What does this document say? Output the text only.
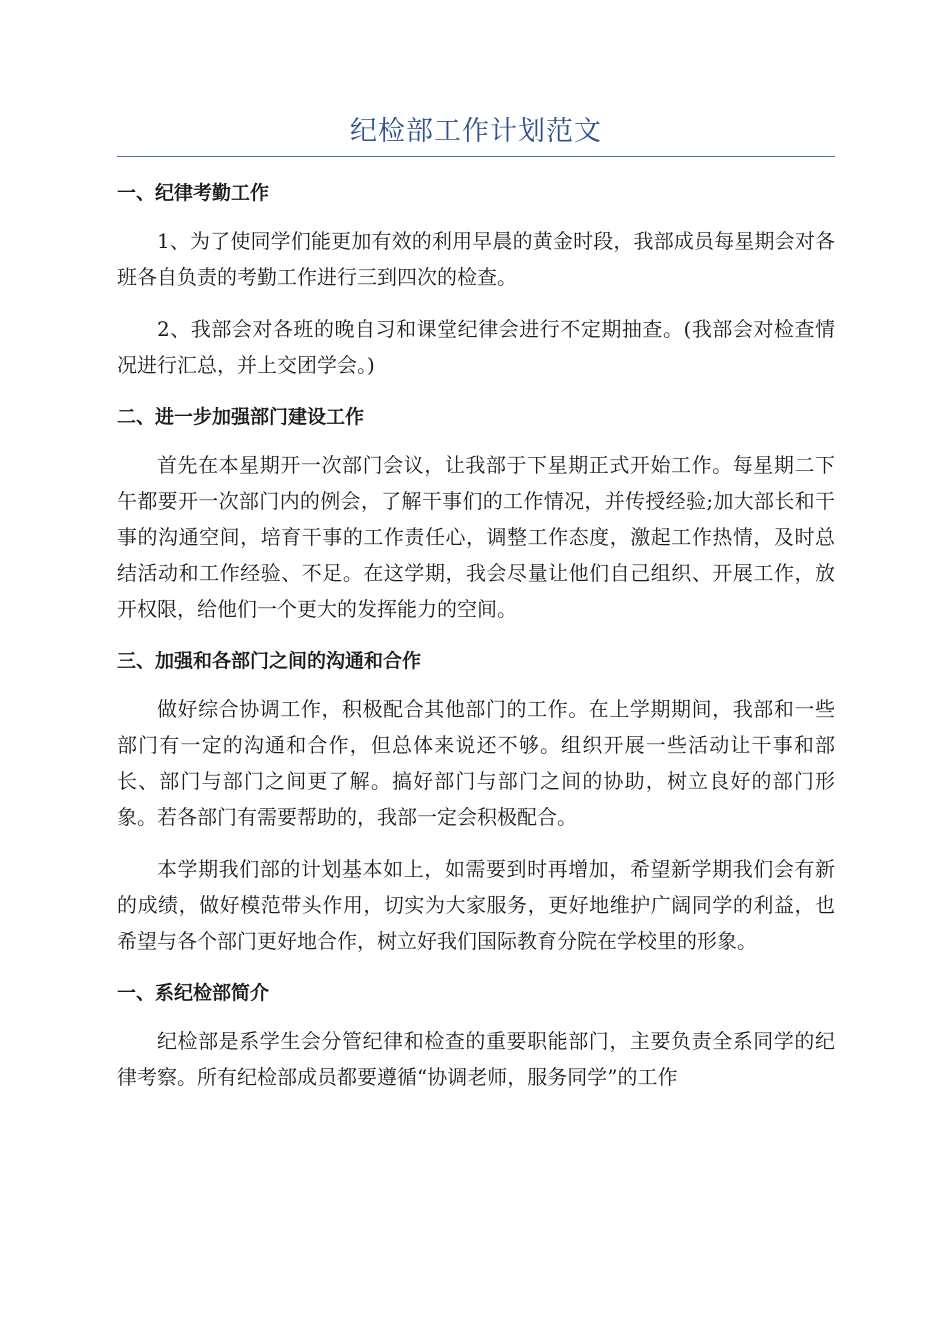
纪检部工作计划范文

一、纪律考勤工作

1、为了使同学们能更加有效的利用早晨的黄金时段，我部成员每星期会对各班各自负责的考勤工作进行三到四次的检查。

2、我部会对各班的晚自习和课堂纪律会进行不定期抽查。(我部会对检查情况进行汇总，并上交团学会。)

二、进一步加强部门建设工作

首先在本星期开一次部门会议，让我部于下星期正式开始工作。每星期二下午都要开一次部门内的例会，了解干事们的工作情况，并传授经验;加大部长和干事的沟通空间，培育干事的工作责任心，调整工作态度，激起工作热情，及时总结活动和工作经验、不足。在这学期，我会尽量让他们自己组织、开展工作，放开权限，给他们一个更大的发挥能力的空间。

三、加强和各部门之间的沟通和合作

做好综合协调工作，积极配合其他部门的工作。在上学期期间，我部和一些部门有一定的沟通和合作，但总体来说还不够。组织开展一些活动让干事和部长、部门与部门之间更了解。搞好部门与部门之间的协助，树立良好的部门形象。若各部门有需要帮助的，我部一定会积极配合。

本学期我们部的计划基本如上，如需要到时再增加，希望新学期我们会有新的成绩，做好模范带头作用，切实为大家服务，更好地维护广阔同学的利益，也希望与各个部门更好地合作，树立好我们国际教育分院在学校里的形象。

一、系纪检部简介

纪检部是系学生会分管纪律和检查的重要职能部门，主要负责全系同学的纪律考察。所有纪检部成员都要遵循“协调老师，服务同学”的工作
